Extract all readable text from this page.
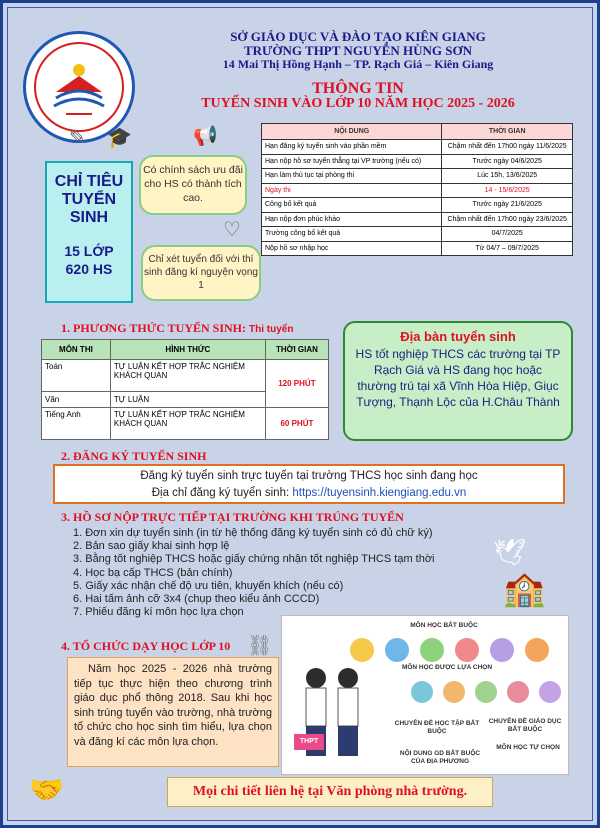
SỞ GIÁO DỤC VÀ ĐÀO TẠO KIÊN GIANG
TRƯỜNG THPT NGUYỄN HÙNG SƠN
14 Mai Thị Hồng Hạnh – TP. Rạch Giá – Kiên Giang
THÔNG TIN
TUYỂN SINH VÀO LỚP 10 NĂM HỌC 2025 - 2026
✎ 🎓	📢
♡
CHỈ TIÊU TUYỂN SINH
15 LỚP
620 HS
Có chính sách ưu đãi cho HS có thành tích cao.
Chỉ xét tuyển đối với thí sinh đăng kí nguyện vọng 1
NỘI DUNG	THỜI GIAN
Hạn đăng ký tuyển sinh vào phần mềm	Chậm nhất đến 17h00 ngày 11/6/2025
Hạn nộp hồ sơ tuyển thẳng tại VP trường (nếu có)	Trước ngày 04/6/2025
Hạn làm thủ tục tại phòng thi	Lúc 15h, 13/6/2025
Ngày thi	14 - 15/6/2025
Công bố kết quả	Trước ngày 21/6/2025
Hạn nộp đơn phúc khảo	Chậm nhất đến 17h00 ngày 23/6/2025
Trường công bố kết quả	04/7/2025
Nộp hồ sơ nhập học	Từ 04/7 – 09/7/2025
1. PHƯƠNG THỨC TUYỂN SINH: Thi tuyển
MÔN THI	HÌNH THỨC	THỜI GIAN
Toán	TỰ LUẬN KẾT HỢP TRẮC NGHIỆM KHÁCH QUAN	120 PHÚT
Văn	TỰ LUẬN	
Tiếng Anh	TỰ LUẬN KẾT HỢP TRẮC NGHIỆM KHÁCH QUAN	60 PHÚT
Địa bàn tuyển sinh
HS tốt nghiệp THCS các trường tại TP Rạch Giá và HS đang học hoặc thường trú tại xã Vĩnh Hòa Hiệp, Giục Tượng, Thạnh Lộc của H.Châu Thành
2. ĐĂNG KÝ TUYỂN SINH
Đăng ký tuyển sinh trực tuyến tại trường THCS học sinh đang học
Địa chỉ đăng ký tuyển sinh: https://tuyensinh.kiengiang.edu.vn
3. HỒ SƠ NỘP TRỰC TIẾP TẠI TRƯỜNG KHI TRÚNG TUYỂN
1. Đơn xin dự tuyển sinh (in từ hệ thống đăng ký tuyển sinh có đủ chữ ký)
2. Bản sao giấy khai sinh hợp lệ
3. Bằng tốt nghiệp THCS hoặc giấy chứng nhận tốt nghiệp THCS tạm thời
4. Học bạ cấp THCS (bản chính)
5. Giấy xác nhận chế độ ưu tiên, khuyến khích (nếu có)
6. Hai tấm ảnh cỡ 3x4 (chụp theo kiểu ảnh CCCD)
7. Phiếu đăng kí môn học lựa chọn
🕊
🏫
4. TỔ CHỨC DẠY HỌC LỚP 10 ⛓
Năm học 2025 - 2026 nhà trường tiếp tục thực hiện theo chương trình giáo dục phổ thông 2018. Sau khi học sinh trúng tuyển vào trường, nhà trường tổ chức cho học sinh tìm hiểu, lựa chọn và đăng kí các môn lựa chọn.
MÔN HỌC BẮT BUỘC
MÔN HỌC ĐƯỢC LỰA CHỌN
CHUYÊN ĐỀ HỌC TẬP BẮT BUỘC
CHUYÊN ĐỀ GIÁO DỤC BẮT BUỘC
NỘI DUNG GD BẮT BUỘC CỦA ĐỊA PHƯƠNG
MÔN HỌC TỰ CHỌN
THPT
🤝	Mọi chi tiết liên hệ tại Văn phòng nhà trường.
